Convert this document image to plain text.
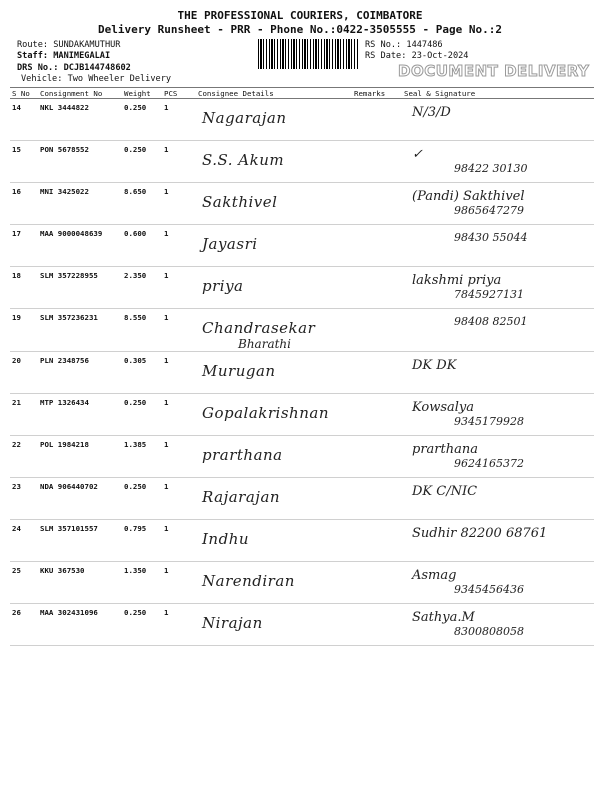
THE PROFESSIONAL COURIERS, COIMBATORE
Delivery Runsheet - PRR - Phone No.:0422-3505555 - Page No.:2
Route: SUNDAKAMUTHUR
Staff: MANIMEGALAI
DRS No.: DCJB144748602
Vehicle: Two Wheeler Delivery
RS No.: 1447486
RS Date: 23-Oct-2024
DOCUMENT DELIVERY
S No	Consignment No	Weight	PCS	Consignee Details	Remarks	Seal & Signature
14	NKL 3444822	0.250	1	Nagarajan		N/3/D

15	PON 5678552	0.250	1	S.S. Akum		✓
98422 30130

16	MNI 3425022	8.650	1	Sakthivel		(Pandi) Sakthivel
9865647279

17	MAA 9000048639	0.600	1	Jayasri		98430 55044

18	SLM 357228955	2.350	1	priya		lakshmi priya
7845927131

19	SLM 357236231	8.550	1	Chandrasekar
Bharathi		98408 82501

20	PLN 2348756	0.305	1	Murugan		DK DK

21	MTP 1326434	0.250	1	Gopalakrishnan		Kowsalya
9345179928

22	POL 1984218	1.385	1	prarthana		prarthana
9624165372

23	NDA 906440702	0.250	1	Rajarajan		DK C/NIC

24	SLM 357101557	0.795	1	Indhu		Sudhir 82200 68761

25	KKU 367530	1.350	1	Narendiran		Asmag
9345456436

26	MAA 302431096	0.250	1	Nirajan		Sathya.M
8300808058
